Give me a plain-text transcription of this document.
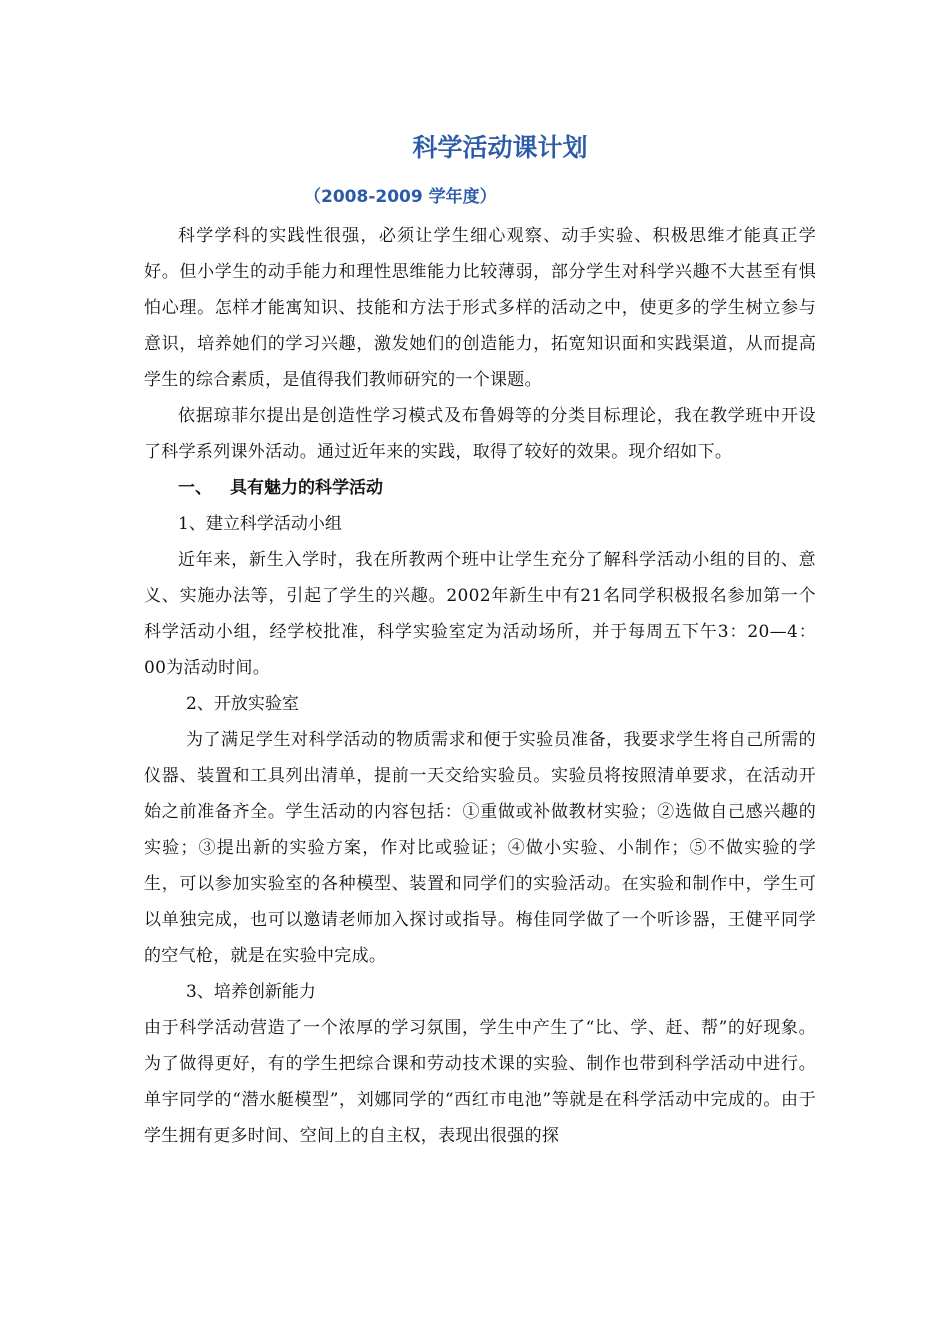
科学活动课计划
（2008-2009 学年度）

科学学科的实践性很强，必须让学生细心观察、动手实验、积极思维才能真正学好。但小学生的动手能力和理性思维能力比较薄弱，部分学生对科学兴趣不大甚至有惧怕心理。怎样才能寓知识、技能和方法于形式多样的活动之中，使更多的学生树立参与意识，培养她们的学习兴趣，激发她们的创造能力，拓宽知识面和实践渠道，从而提高学生的综合素质，是值得我们教师研究的一个课题。

依据琼菲尔提出是创造性学习模式及布鲁姆等的分类目标理论，我在教学班中开设了科学系列课外活动。通过近年来的实践，取得了较好的效果。现介绍如下。

一、 具有魅力的科学活动
1、建立科学活动小组

近年来，新生入学时，我在所教两个班中让学生充分了解科学活动小组的目的、意义、实施办法等，引起了学生的兴趣。2002年新生中有21名同学积极报名参加第一个科学活动小组，经学校批准，科学实验室定为活动场所，并于每周五下午3：20—4：00为活动时间。

2、开放实验室

为了满足学生对科学活动的物质需求和便于实验员准备，我要求学生将自己所需的仪器、装置和工具列出清单，提前一天交给实验员。实验员将按照清单要求，在活动开始之前准备齐全。学生活动的内容包括：①重做或补做教材实验；②选做自己感兴趣的实验；③提出新的实验方案，作对比或验证；④做小实验、小制作；⑤不做实验的学生，可以参加实验室的各种模型、装置和同学们的实验活动。在实验和制作中，学生可以单独完成，也可以邀请老师加入探讨或指导。梅佳同学做了一个听诊器，王健平同学的空气枪，就是在实验中完成。

3、培养创新能力

由于科学活动营造了一个浓厚的学习氛围，学生中产生了“比、学、赶、帮”的好现象。为了做得更好，有的学生把综合课和劳动技术课的实验、制作也带到科学活动中进行。单宇同学的“潜水艇模型”，刘娜同学的“西红市电池”等就是在科学活动中完成的。由于学生拥有更多时间、空间上的自主权，表现出很强的探
